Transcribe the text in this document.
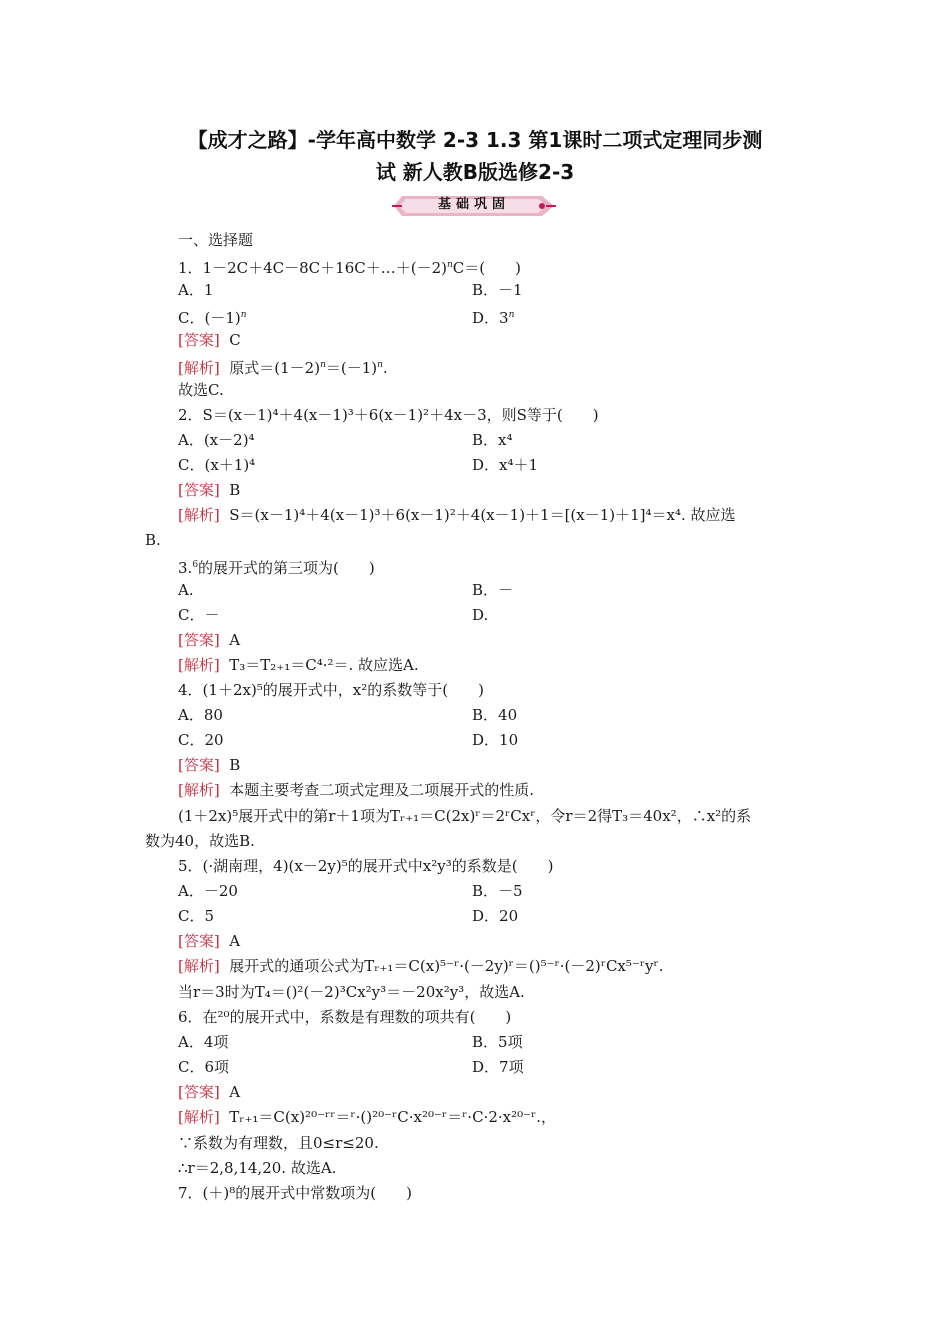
【成才之路】-学年高中数学 2-3 1.3 第1课时二项式定理同步测
试 新人教B版选修2-3
基础巩固
一、选择题
1．$1-2C+4C-8C+16C+\dots+(-2)^nC=$(　　)
A．1	B．－1
C．$(-1)^n$	D．3$^n$
[答案] C
[解析] 原式$=(1-2)^n=(-1)^n$.
故选C.
2．S＝(x－1)⁴＋4(x－1)³＋6(x－1)²＋4x－3，则S等于(　　)
A．(x－2)⁴	B．x⁴
C．(x＋1)⁴	D．x⁴＋1
[答案] B
[解析] S＝(x－1)⁴＋4(x－1)³＋6(x－1)²＋4(x－1)＋1＝[(x－1)＋1]⁴＝x⁴. 故应选
B.
3.$^6$的展开式的第三项为(　　)
A.	B．－
C．－	D.
[答案] A
[解析] T₃＝T₂₊₁＝C⁴·²＝. 故应选A.
4．(1＋2x)⁵的展开式中，x²的系数等于(　　)
A．80	B．40
C．20	D．10
[答案] B
[解析] 本题主要考查二项式定理及二项展开式的性质.
(1＋2x)⁵展开式中的第r＋1项为Tᵣ₊₁＝C(2x)ʳ＝2ʳCxʳ，令r＝2得T₃＝40x²，∴x²的系
数为40，故选B.
5．(·湖南理，4)(x－2y)⁵的展开式中x²y³的系数是(　　)
A．－20	B．－5
C．5	D．20
[答案] A
[解析] 展开式的通项公式为Tᵣ₊₁＝C(x)⁵⁻ʳ·(－2y)ʳ＝()⁵⁻ʳ·(－2)ʳCx⁵⁻ʳyʳ.
当r＝3时为T₄＝()²(－2)³Cx²y³＝－20x²y³，故选A.
6．在²⁰的展开式中，系数是有理数的项共有(　　)
A．4项	B．5项
C．6项	D．7项
[答案] A
[解析] Tᵣ₊₁＝C(x)²⁰⁻ʳʳ＝ʳ·()²⁰⁻ʳC·x²⁰⁻ʳ＝ʳ·C·2·x²⁰⁻ʳ.，
∵系数为有理数，且0≤r≤20.
∴r＝2,8,14,20. 故选A.
7．(＋)⁸的展开式中常数项为(　　)
